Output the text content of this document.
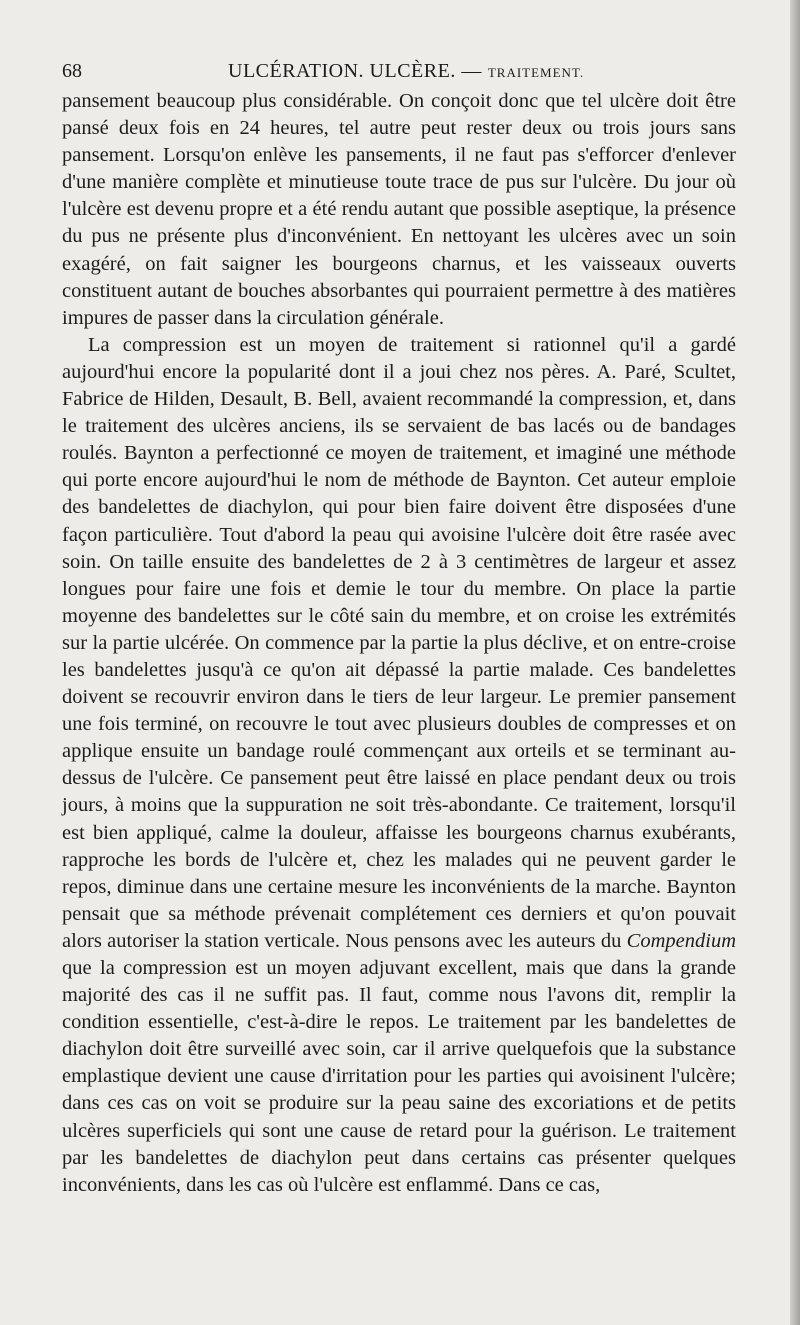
68	ULCÉRATION. ULCÈRE. — TRAITEMENT.

pansement beaucoup plus considérable. On conçoit donc que tel ulcère doit être pansé deux fois en 24 heures, tel autre peut rester deux ou trois jours sans pansement. Lorsqu'on enlève les pansements, il ne faut pas s'efforcer d'enlever d'une manière complète et minutieuse toute trace de pus sur l'ulcère. Du jour où l'ulcère est devenu propre et a été rendu autant que possible aseptique, la présence du pus ne présente plus d'inconvénient. En nettoyant les ulcères avec un soin exagéré, on fait saigner les bourgeons charnus, et les vaisseaux ouverts constituent autant de bouches absorbantes qui pourraient permettre à des matières impures de passer dans la circulation générale.

La compression est un moyen de traitement si rationnel qu'il a gardé aujourd'hui encore la popularité dont il a joui chez nos pères. A. Paré, Scultet, Fabrice de Hilden, Desault, B. Bell, avaient recommandé la compression, et, dans le traitement des ulcères anciens, ils se servaient de bas lacés ou de bandages roulés. Baynton a perfectionné ce moyen de traitement, et imaginé une méthode qui porte encore aujourd'hui le nom de méthode de Baynton. Cet auteur emploie des bandelettes de diachylon, qui pour bien faire doivent être disposées d'une façon particulière. Tout d'abord la peau qui avoisine l'ulcère doit être rasée avec soin. On taille ensuite des bandelettes de 2 à 3 centimètres de largeur et assez longues pour faire une fois et demie le tour du membre. On place la partie moyenne des bandelettes sur le côté sain du membre, et on croise les extrémités sur la partie ulcérée. On commence par la partie la plus déclive, et on entre-croise les bandelettes jusqu'à ce qu'on ait dépassé la partie malade. Ces bandelettes doivent se recouvrir environ dans le tiers de leur largeur. Le premier pansement une fois terminé, on recouvre le tout avec plusieurs doubles de compresses et on applique ensuite un bandage roulé commençant aux orteils et se terminant au-dessus de l'ulcère. Ce pansement peut être laissé en place pendant deux ou trois jours, à moins que la suppuration ne soit très-abondante. Ce traitement, lorsqu'il est bien appliqué, calme la douleur, affaisse les bourgeons charnus exubérants, rapproche les bords de l'ulcère et, chez les malades qui ne peuvent garder le repos, diminue dans une certaine mesure les inconvénients de la marche. Baynton pensait que sa méthode prévenait complétement ces derniers et qu'on pouvait alors autoriser la station verticale. Nous pensons avec les auteurs du Compendium que la compression est un moyen adjuvant excellent, mais que dans la grande majorité des cas il ne suffit pas. Il faut, comme nous l'avons dit, remplir la condition essentielle, c'est-à-dire le repos. Le traitement par les bandelettes de diachylon doit être surveillé avec soin, car il arrive quelquefois que la substance emplastique devient une cause d'irritation pour les parties qui avoisinent l'ulcère; dans ces cas on voit se produire sur la peau saine des excoriations et de petits ulcères superficiels qui sont une cause de retard pour la guérison. Le traitement par les bandelettes de diachylon peut dans certains cas présenter quelques inconvénients, dans les cas où l'ulcère est enflammé. Dans ce cas,
